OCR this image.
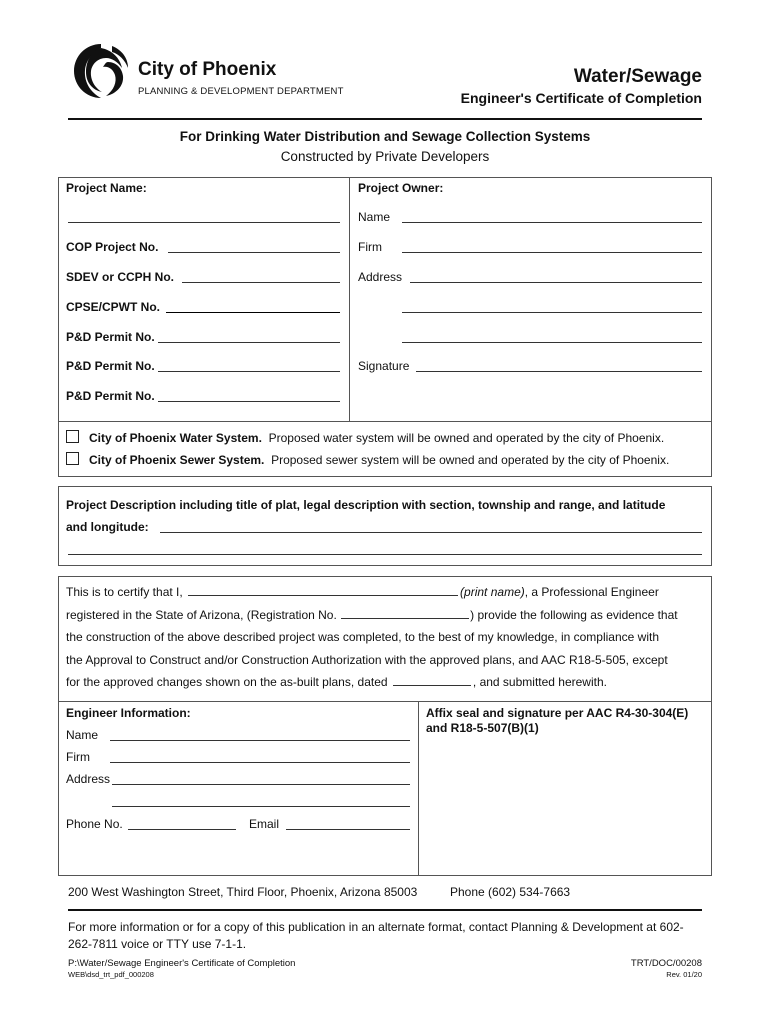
City of Phoenix
PLANNING & DEVELOPMENT DEPARTMENT
Water/Sewage
Engineer's Certificate of Completion
For Drinking Water Distribution and Sewage Collection Systems
Constructed by Private Developers
Project Name:
COP Project No.
SDEV or CCPH No.
CPSE/CPWT No.
P&D Permit No.
P&D Permit No.
P&D Permit No.
Project Owner:
Name
Firm
Address
Signature
City of Phoenix Water System. Proposed water system will be owned and operated by the city of Phoenix.
City of Phoenix Sewer System. Proposed sewer system will be owned and operated by the city of Phoenix.
Project Description including title of plat, legal description with section, township and range, and latitude
and longitude:
This is to certify that I,	(print name), a Professional Engineer
registered in the State of Arizona, (Registration No.	) provide the following as evidence that
the construction of the above described project was completed, to the best of my knowledge, in compliance with
the Approval to Construct and/or Construction Authorization with the approved plans, and AAC R18-5-505, except
for the approved changes shown on the as-built plans, dated	, and submitted herewith.
Engineer Information:
Name
Firm
Address
Phone No.	Email
Affix seal and signature per AAC R4-30-304(E)
and R18-5-507(B)(1)
200 West Washington Street, Third Floor, Phoenix, Arizona 85003	Phone (602) 534-7663
For more information or for a copy of this publication in an alternate format, contact Planning & Development at 602-262-7811 voice or TTY use 7-1-1.
P:\Water/Sewage Engineer's Certificate of Completion
WEB\dsd_trt_pdf_000208
TRT/DOC/00208
Rev. 01/20
